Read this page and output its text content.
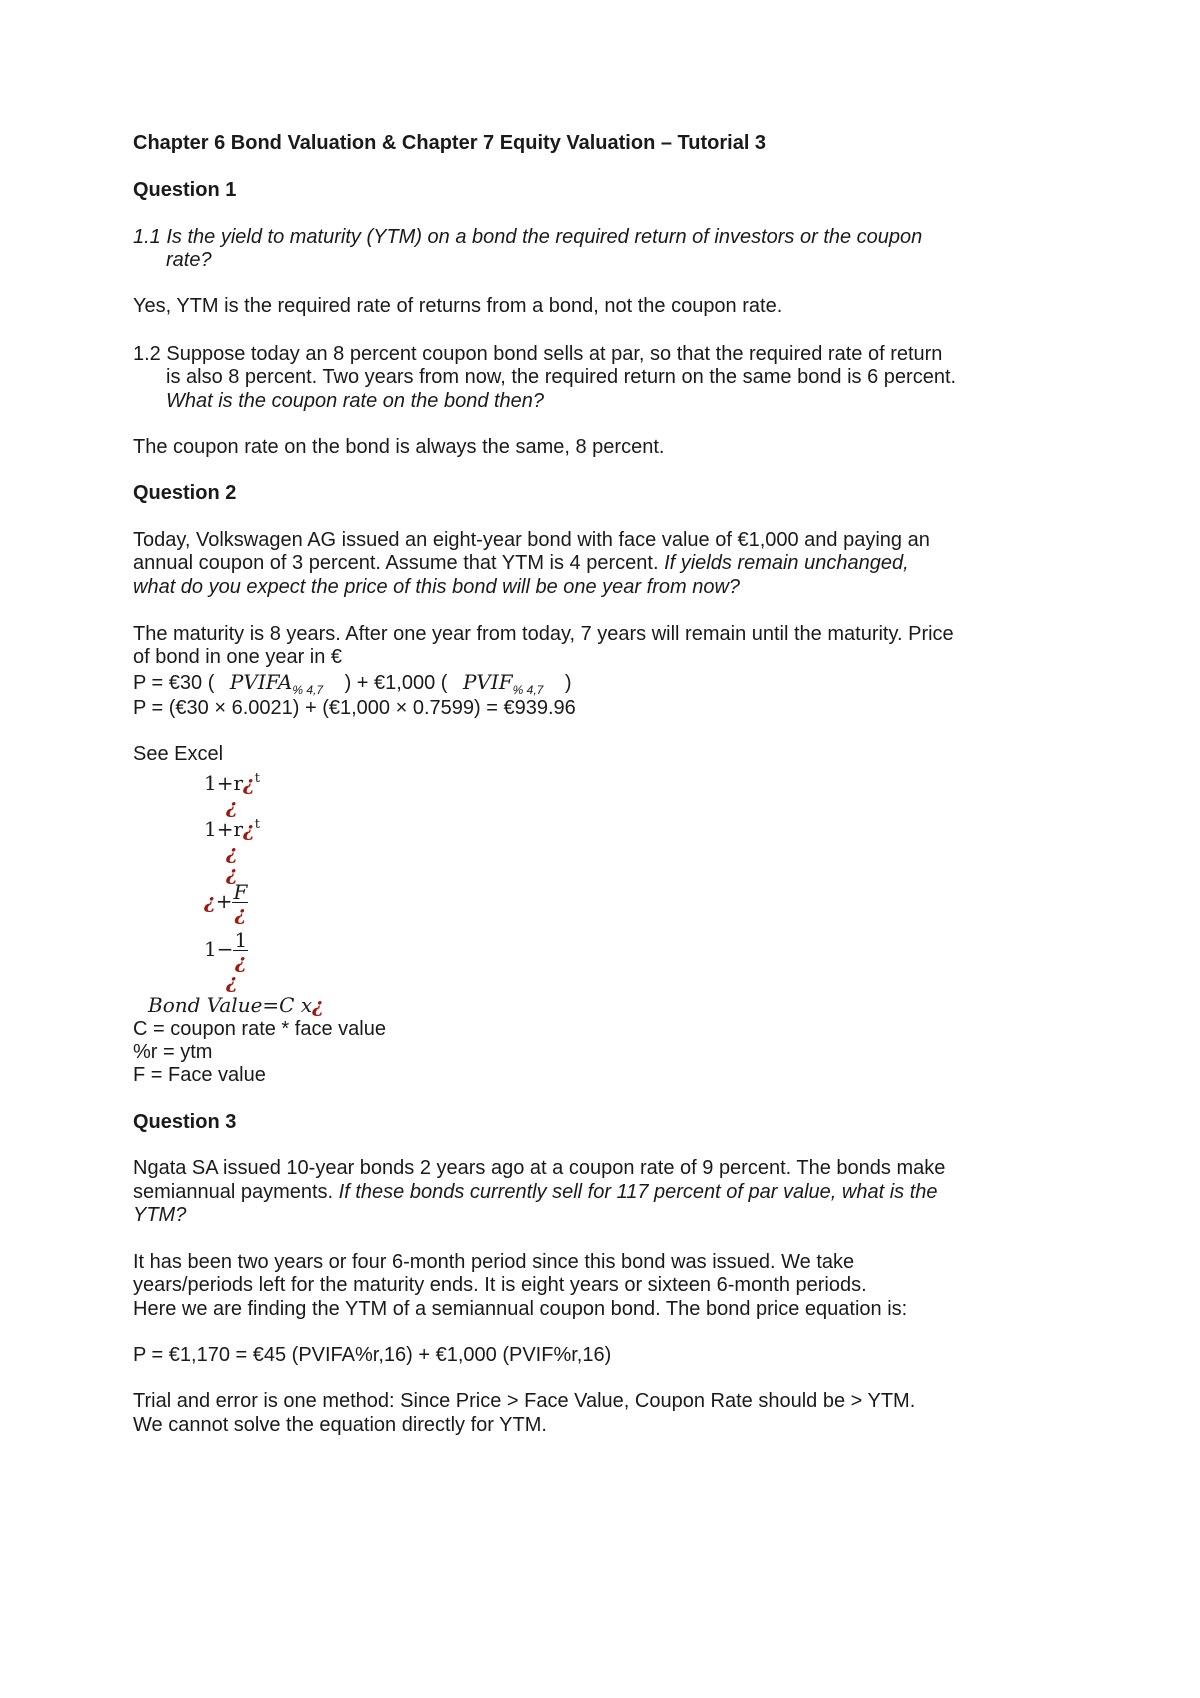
Chapter 6 Bond Valuation & Chapter 7 Equity Valuation – Tutorial 3
Question 1
1.1 Is the yield to maturity (YTM) on a bond the required return of investors or the coupon
rate?
Yes, YTM is the required rate of returns from a bond, not the coupon rate.
1.2 Suppose today an 8 percent coupon bond sells at par, so that the required rate of return
is also 8 percent. Two years from now, the required return on the same bond is 6 percent.
What is the coupon rate on the bond then?
The coupon rate on the bond is always the same, 8 percent.
Question 2
Today, Volkswagen AG issued an eight-year bond with face value of €1,000 and paying an
annual coupon of 3 percent. Assume that YTM is 4 percent. If yields remain unchanged,
what do you expect the price of this bond will be one year from now?
The maturity is 8 years. After one year from today, 7 years will remain until the maturity. Price
of bond in one year in €
P = €30 ( $PVIFA_{\% 4,7}$ ) + €1,000 ( $PVIF_{\% 4,7}$ )
P = (€30 × 6.0021) + (€1,000 × 0.7599) = €939.96
See Excel
1+r¿$^t$
¿
1+r¿$^t$
¿
¿
¿+ $\frac{F}{¿}$
$1- \frac{1}{¿}$
¿
Bond Value=C x¿
C = coupon rate * face value
%r = ytm
F = Face value
Question 3
Ngata SA issued 10-year bonds 2 years ago at a coupon rate of 9 percent. The bonds make
semiannual payments. If these bonds currently sell for 117 percent of par value, what is the
YTM?
It has been two years or four 6-month period since this bond was issued. We take
years/periods left for the maturity ends. It is eight years or sixteen 6-month periods.
Here we are finding the YTM of a semiannual coupon bond. The bond price equation is:
P = €1,170 = €45 (PVIFA%r,16) + €1,000 (PVIF%r,16)
Trial and error is one method: Since Price > Face Value, Coupon Rate should be > YTM.
We cannot solve the equation directly for YTM.
